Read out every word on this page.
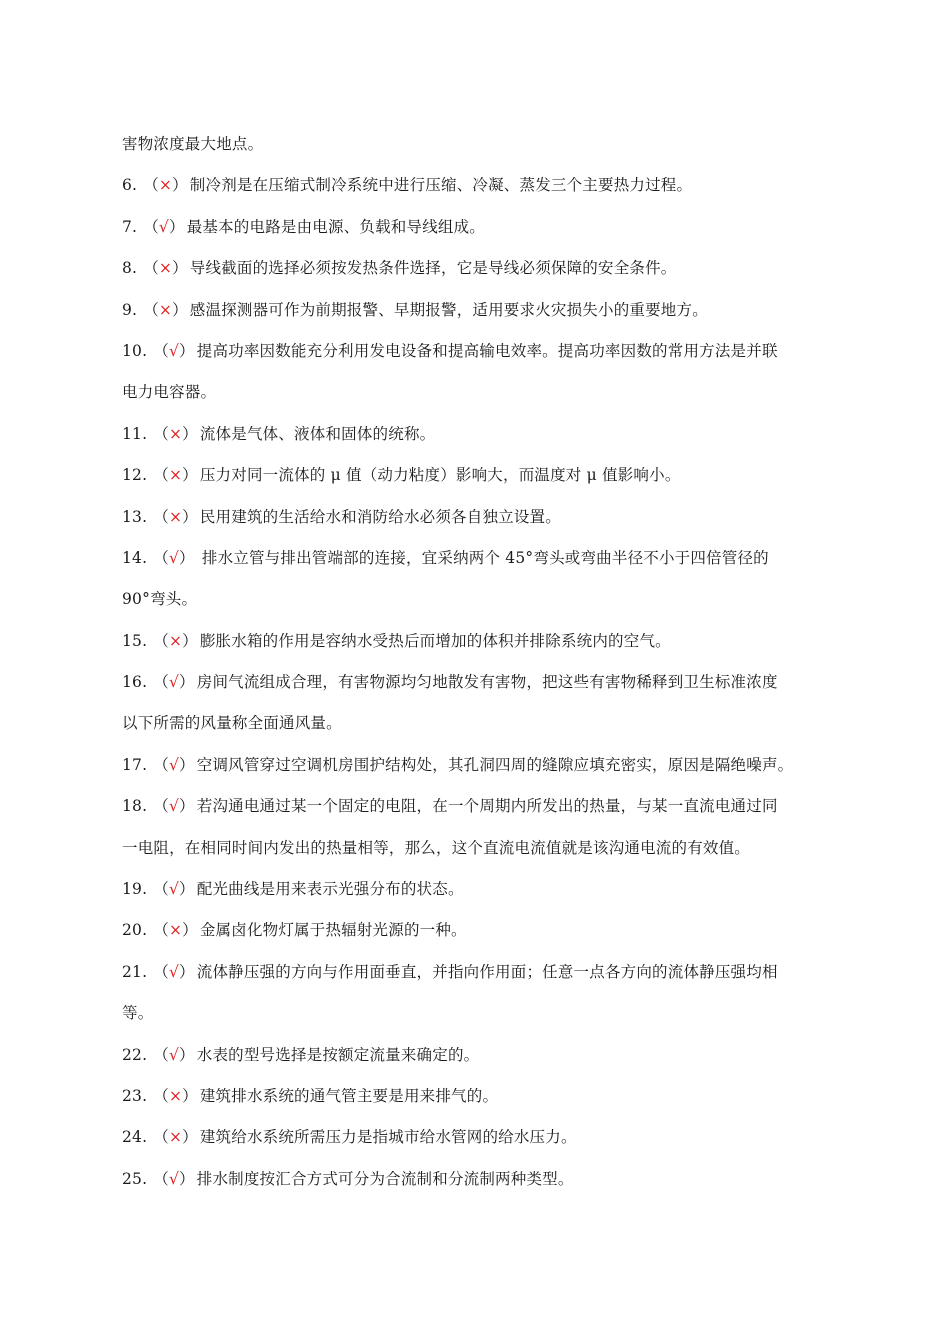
害物浓度最大地点。
6. （×） 制冷剂是在压缩式制冷系统中进行压缩、冷凝、蒸发三个主要热力过程。
7. （√） 最基本的电路是由电源、负载和导线组成。
8. （×） 导线截面的选择必须按发热条件选择，它是导线必须保障的安全条件。
9. （×） 感温探测器可作为前期报警、早期报警，适用要求火灾损失小的重要地方。
10. （√） 提高功率因数能充分利用发电设备和提高输电效率。提高功率因数的常用方法是并联
电力电容器。
11. （×） 流体是气体、液体和固体的统称。
12. （×） 压力对同一流体的 μ 值（动力粘度）影响大，而温度对 μ 值影响小。
13. （×） 民用建筑的生活给水和消防给水必须各自独立设置。
14. （√） 排水立管与排出管端部的连接，宜采纳两个 45°弯头或弯曲半径不小于四倍管径的
90°弯头。
15. （×） 膨胀水箱的作用是容纳水受热后而增加的体积并排除系统内的空气。
16. （√） 房间气流组成合理，有害物源均匀地散发有害物，把这些有害物稀释到卫生标准浓度
以下所需的风量称全面通风量。
17. （√） 空调风管穿过空调机房围护结构处，其孔洞四周的缝隙应填充密实，原因是隔绝噪声。
18. （√） 若沟通电通过某一个固定的电阻，在一个周期内所发出的热量，与某一直流电通过同
一电阻，在相同时间内发出的热量相等，那么，这个直流电流值就是该沟通电流的有效值。
19. （√） 配光曲线是用来表示光强分布的状态。
20. （×） 金属卤化物灯属于热辐射光源的一种。
21. （√） 流体静压强的方向与作用面垂直，并指向作用面；任意一点各方向的流体静压强均相
等。
22. （√） 水表的型号选择是按额定流量来确定的。
23. （×） 建筑排水系统的通气管主要是用来排气的。
24. （×） 建筑给水系统所需压力是指城市给水管网的给水压力。
25. （√） 排水制度按汇合方式可分为合流制和分流制两种类型。
